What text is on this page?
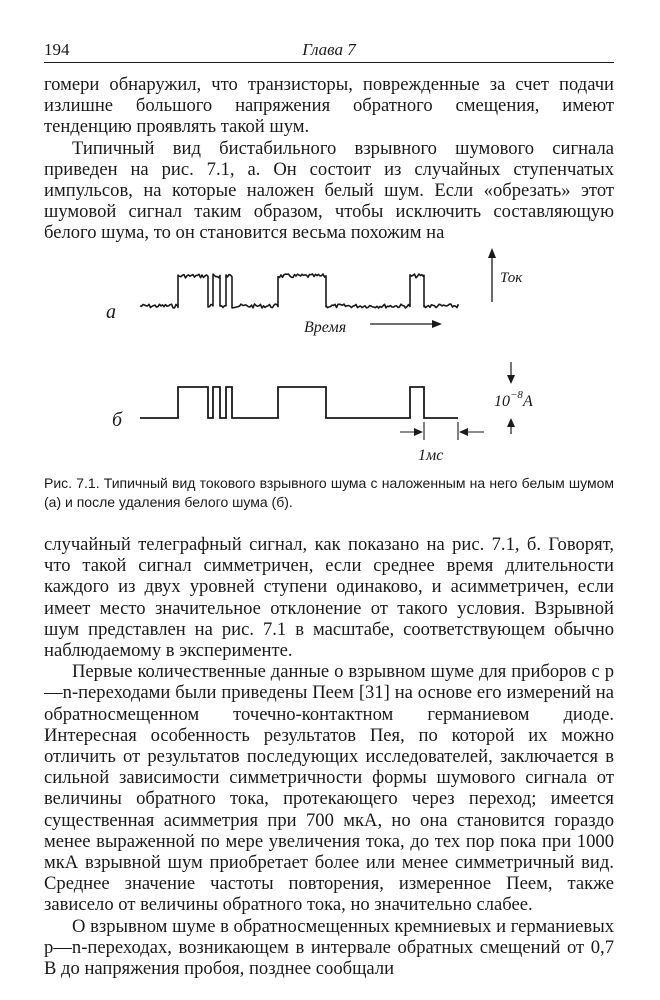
194	Глава 7

гомери обнаружил, что транзисторы, поврежденные за счет подачи излишне большого напряжения обратного смещения, имеют тенденцию проявлять такой шум.

Типичный вид бистабильного взрывного шумового сигнала приведен на рис. 7.1, а. Он состоит из случайных ступенчатых импульсов, на которые наложен белый шум. Если «обрезать» этот шумовой сигнал таким образом, чтобы исключить составляющую белого шума, то он становится весьма похожим на

а
б
Ток
Время
$10^{-8}А$
1мс
Рис. 7.1. Типичный вид токового взрывного шума с наложенным на него белым шумом (а) и после удаления белого шума (б).

случайный телеграфный сигнал, как показано на рис. 7.1, б. Говорят, что такой сигнал симметричен, если среднее время длительности каждого из двух уровней ступени одинаково, и асимметричен, если имеет место значительное отклонение от такого условия. Взрывной шум представлен на рис. 7.1 в масштабе, соответствующем обычно наблюдаемому в эксперименте.

Первые количественные данные о взрывном шуме для приборов с p—n-переходами были приведены Пеем [31] на основе его измерений на обратносмещенном точечно-контактном германиевом диоде. Интересная особенность результатов Пея, по которой их можно отличить от результатов последующих исследователей, заключается в сильной зависимости симметричности формы шумового сигнала от величины обратного тока, протекающего через переход; имеется существенная асимметрия при 700 мкА, но она становится гораздо менее выраженной по мере увеличения тока, до тех пор пока при 1000 мкА взрывной шум приобретает более или менее симметричный вид. Среднее значение частоты повторения, измеренное Пеем, также зависело от величины обратного тока, но значительно слабее.

О взрывном шуме в обратносмещенных кремниевых и германиевых p—n-переходах, возникающем в интервале обратных смещений от 0,7 В до напряжения пробоя, позднее сообщали
